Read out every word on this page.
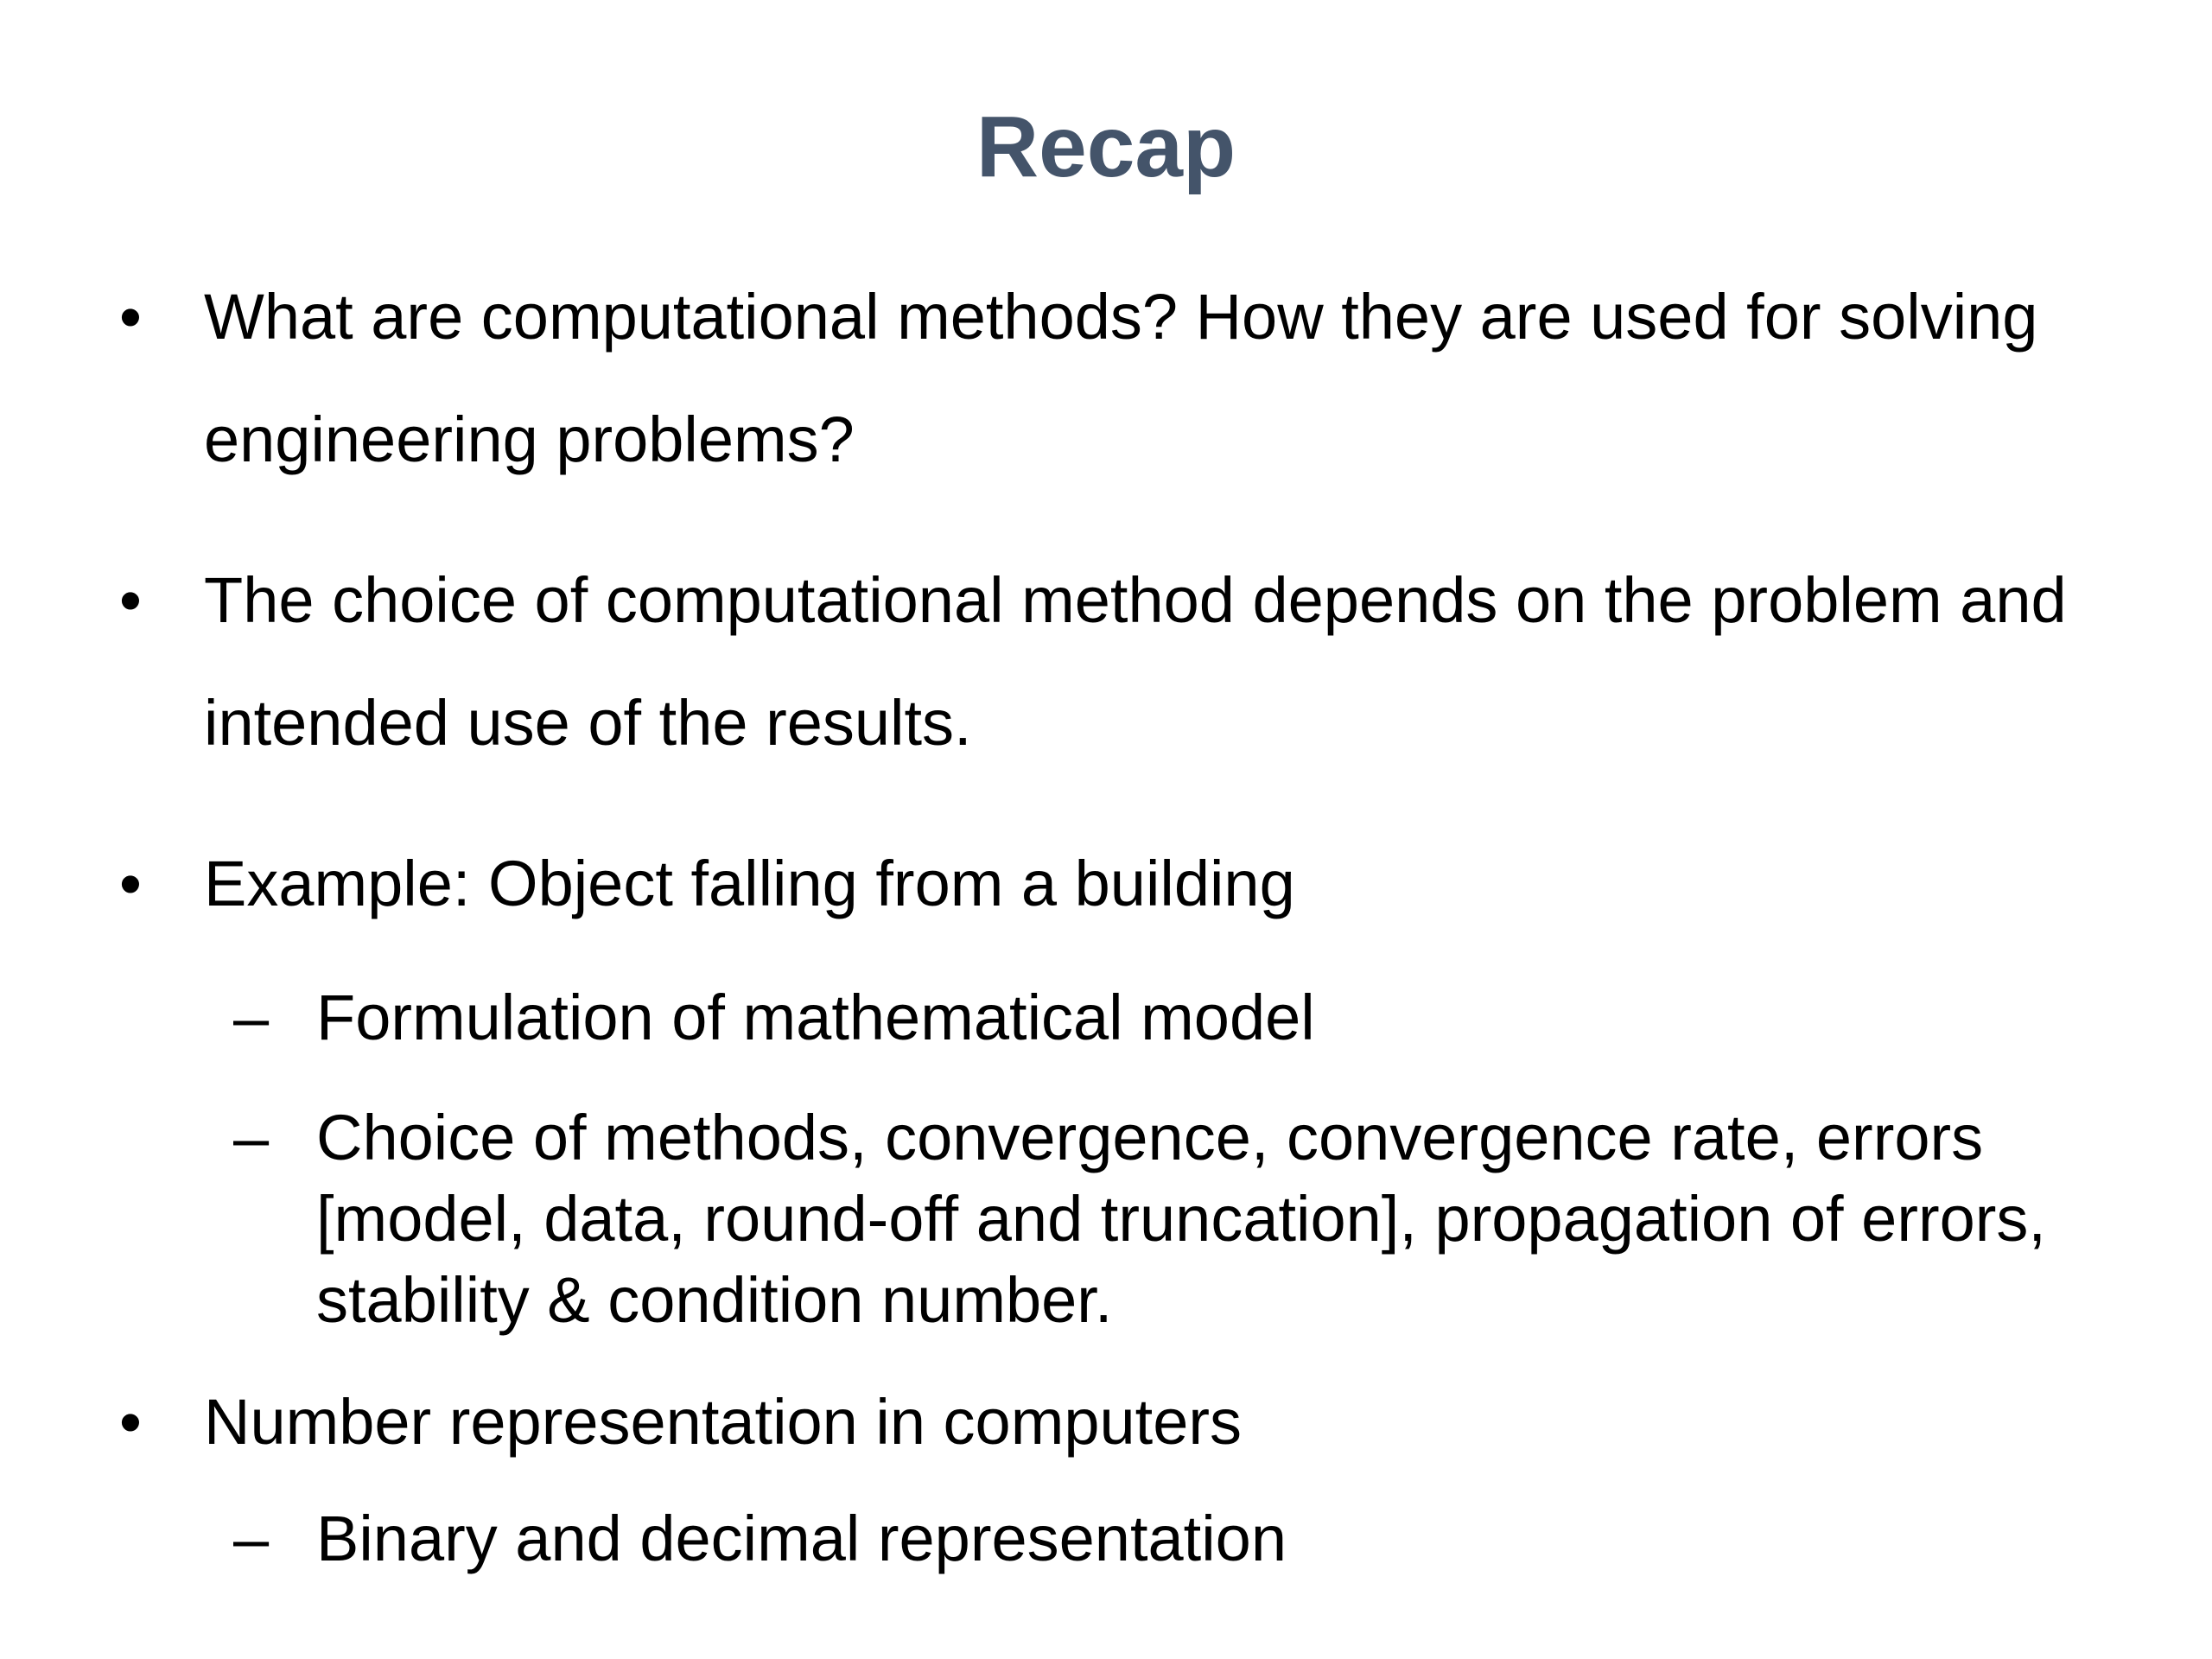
Recap
• What are computational methods? How they are used for solving engineering problems?

• The choice of computational method depends on the problem and intended use of the results.

• Example: Object falling from a building

– Formulation of mathematical model

– Choice of methods, convergence, convergence rate, errors [model, data, round-off and truncation], propagation of errors, stability & condition number.

• Number representation in computers

– Binary and decimal representation
